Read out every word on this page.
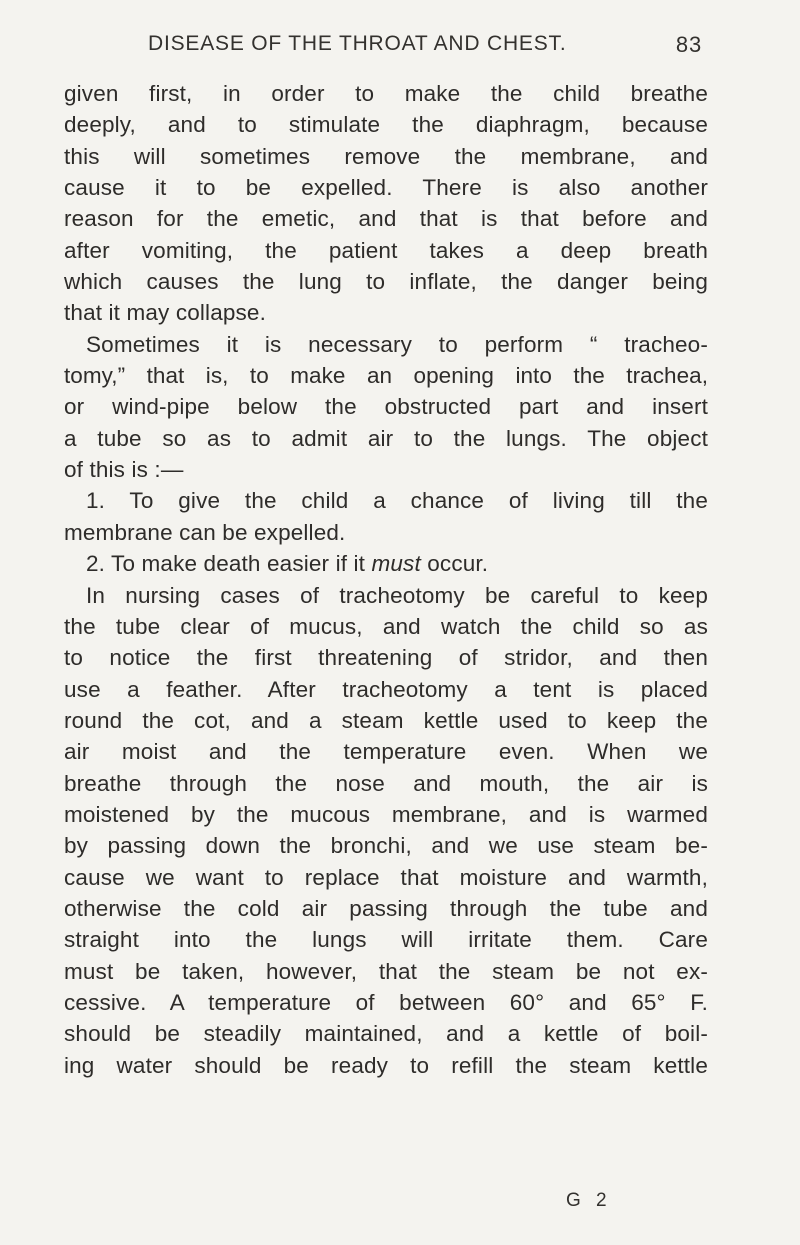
DISEASE OF THE THROAT AND CHEST.	83
given first, in order to make the child breathe
deeply, and to stimulate the diaphragm, because
this will sometimes remove the membrane, and
cause it to be expelled. There is also another
reason for the emetic, and that is that before and
after vomiting, the patient takes a deep breath
which causes the lung to inflate, the danger being
that it may collapse.
Sometimes it is necessary to perform “ tracheo-
tomy,” that is, to make an opening into the trachea,
or wind-pipe below the obstructed part and insert
a tube so as to admit air to the lungs. The object
of this is :—
1. To give the child a chance of living till the
membrane can be expelled.
2. To make death easier if it must occur.
In nursing cases of tracheotomy be careful to keep
the tube clear of mucus, and watch the child so as
to notice the first threatening of stridor, and then
use a feather. After tracheotomy a tent is placed
round the cot, and a steam kettle used to keep the
air moist and the temperature even. When we
breathe through the nose and mouth, the air is
moistened by the mucous membrane, and is warmed
by passing down the bronchi, and we use steam be-
cause we want to replace that moisture and warmth,
otherwise the cold air passing through the tube and
straight into the lungs will irritate them. Care
must be taken, however, that the steam be not ex-
cessive. A temperature of between 60° and 65° F.
should be steadily maintained, and a kettle of boil-
ing water should be ready to refill the steam kettle
G 2
